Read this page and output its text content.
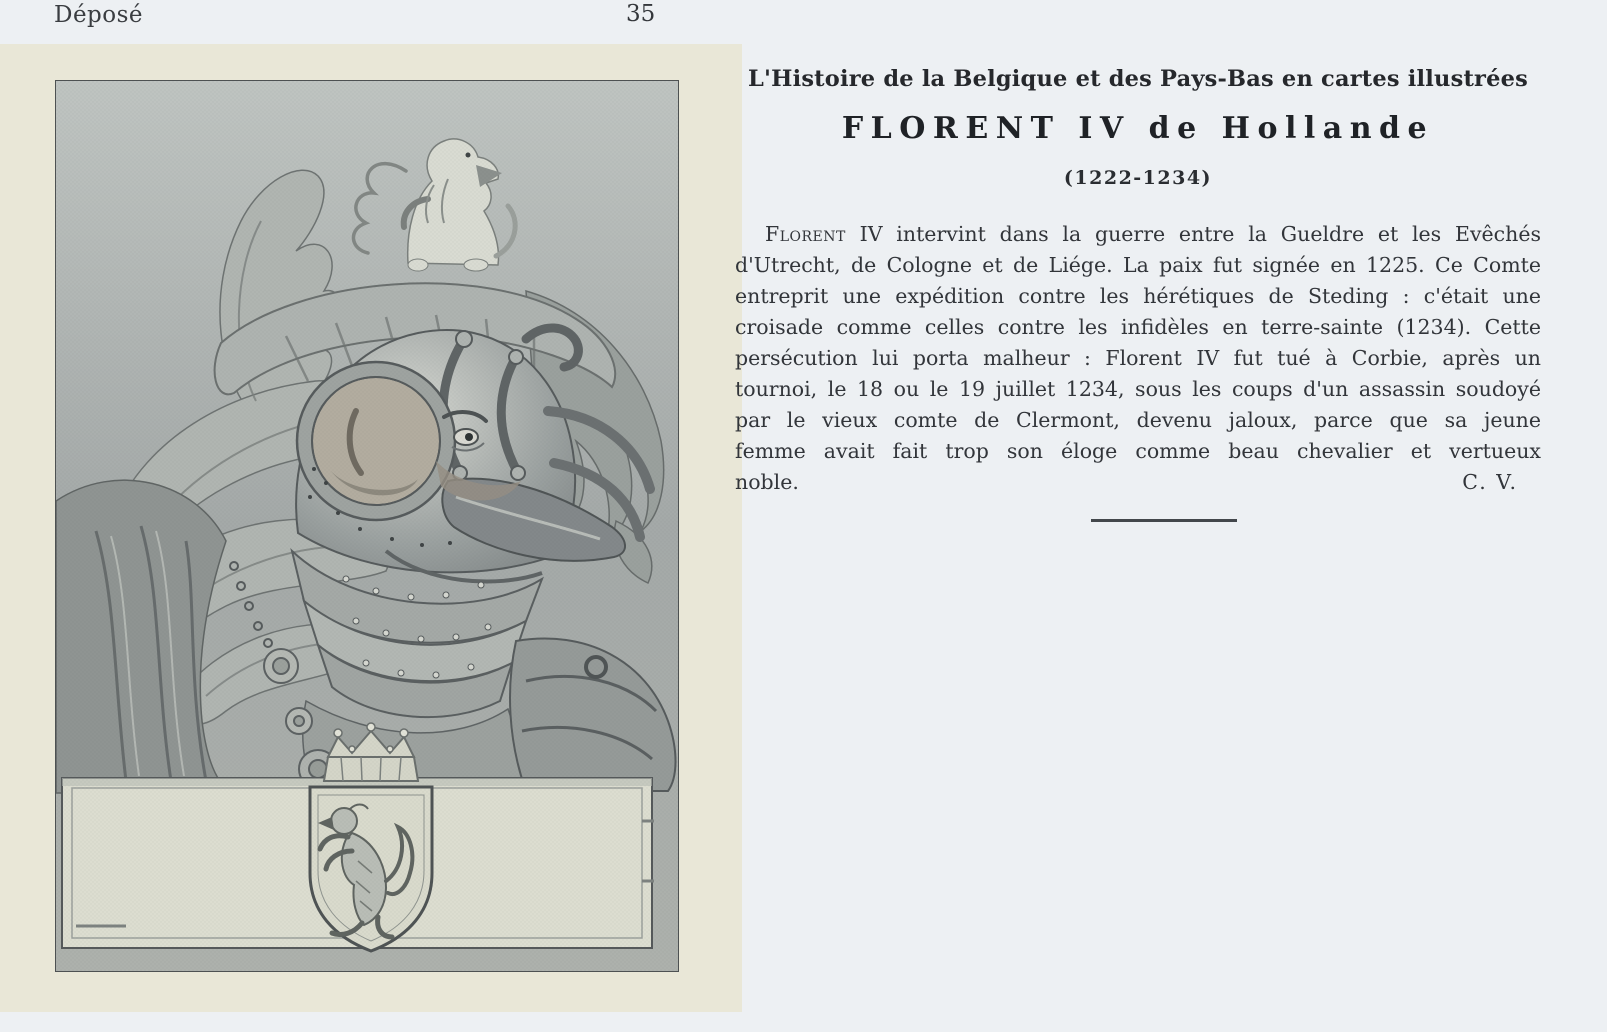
Déposé	35
L'Histoire de la Belgique et des Pays-Bas en cartes illustrées
FLORENT IV de Hollande
(1222-1234)
Florent IV intervint dans la guerre entre la Gueldre et les Evêchés
d'Utrecht, de Cologne et de Liége. La paix fut signée en 1225. Ce Comte
entreprit une expédition contre les hérétiques de Steding : c'était une
croisade comme celles contre les infidèles en terre-sainte (1234). Cette
persécution lui porta malheur : Florent IV fut tué à Corbie, après un
tournoi, le 18 ou le 19 juillet 1234, sous les coups d'un assassin soudoyé
par le vieux comte de Clermont, devenu jaloux, parce que sa jeune
femme avait fait trop son éloge comme beau chevalier et vertueux
noble.	C. V.
